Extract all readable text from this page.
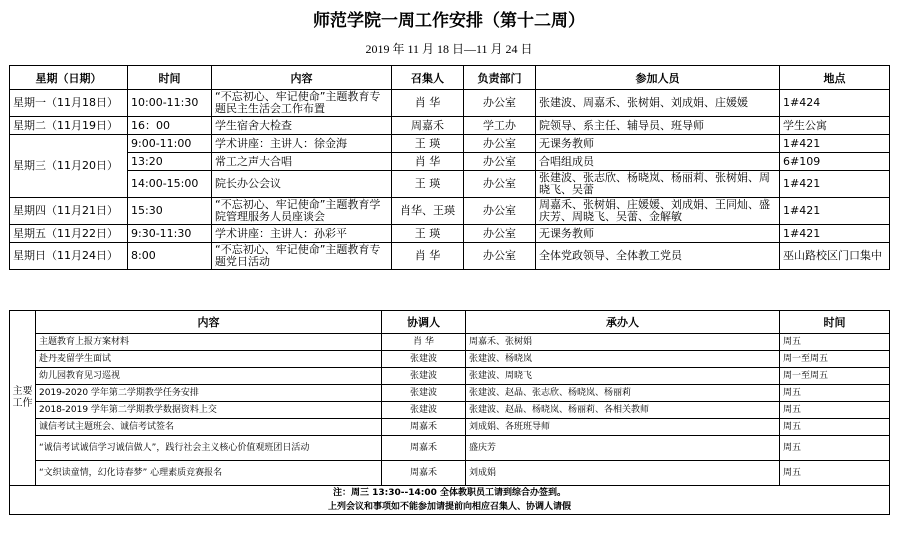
师范学院一周工作安排（第十二周）
2019 年 11 月 18 日—11 月 24 日
星期（日期）	时间	内容	召集人	负责部门	参加人员	地点
星期一（11月18日）	10:00-11:30	“不忘初心、牢记使命”主题教育专题民主生活会工作布置	肖 华	办公室	张建波、周嘉禾、张树娟、刘成娟、庄媛媛	1#424
星期二（11月19日）	16：00	学生宿舍大检查	周嘉禾	学工办	院领导、系主任、辅导员、班导师	学生公寓
星期三（11月20日）	9:00-11:00	学术讲座：主讲人：徐金海	王 瑛	办公室	无课务教师	1#421
	13:20	常工之声大合唱	肖 华	办公室	合唱组成员	6#109
	14:00-15:00	院长办公会议	王 瑛	办公室	张建波、张志欣、杨晓岚、杨丽莉、张树娟、周晓飞、吴蕾	1#421
星期四（11月21日）	15:30	“不忘初心、牢记使命”主题教育学院管理服务人员座谈会	肖华、王瑛	办公室	周嘉禾、张树娟、庄媛媛、刘成娟、王同灿、盛庆芳、周晓飞、吴蕾、金解敏	1#421
星期五（11月22日）	9:30-11:30	学术讲座：主讲人：孙彩平	王 瑛	办公室	无课务教师	1#421
星期日（11月24日）	8:00	“不忘初心、牢记使命”主题教育专题党日活动	肖 华	办公室	全体党政领导、全体教工党员	巫山路校区门口集中
主要工作	内容	协调人	承办人	时间
	主题教育上报方案材料	肖 华	周嘉禾、张树娟	周五
	赴丹麦留学生面试	张建波	张建波、杨晓岚	周一至周五
	幼儿园教育见习巡视	张建波	张建波、周晓飞	周一至周五
	2019-2020 学年第二学期教学任务安排	张建波	张建波、赵晶、张志欣、杨晓岚、杨丽莉	周五
	2018-2019 学年第二学期教学数据资料上交	张建波	张建波、赵晶、杨晓岚、杨丽莉、各相关教师	周五
	诚信考试主题班会、诚信考试签名	周嘉禾	刘成娟、各班班导师	周五
	“诚信考试诚信学习诚信做人”，践行社会主义核心价值观班团日活动	周嘉禾	盛庆芳	周五
	“文织读童情，幻化诗春梦” 心理素质竞赛报名	周嘉禾	刘成娟	周五

注：周三 13:30--14:00 全体教职员工请到综合办签到。
上列会议和事项如不能参加请提前向相应召集人、协调人请假				
